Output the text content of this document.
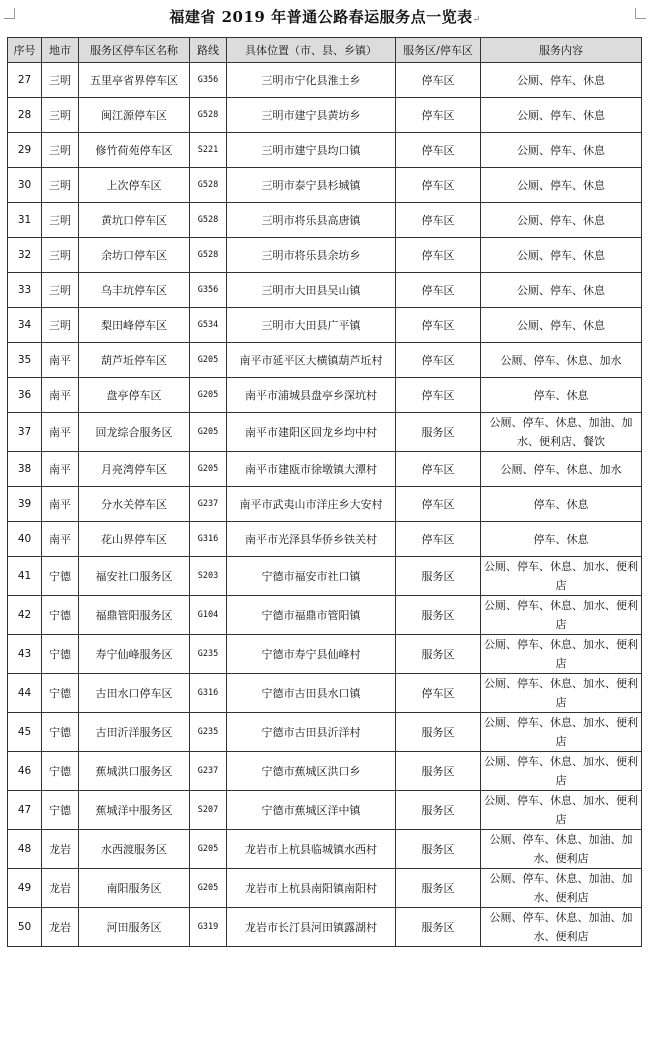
福建省 2019 年普通公路春运服务点一览表↵
序号	地市	服务区停车区名称	路线	具体位置（市、县、乡镇）	服务区/停车区	服务内容
27	三明	五里亭省界停车区	G356	三明市宁化县淮土乡	停车区	公厕、停车、休息
28	三明	闽江源停车区	G528	三明市建宁县黄坊乡	停车区	公厕、停车、休息
29	三明	修竹荷苑停车区	S221	三明市建宁县均口镇	停车区	公厕、停车、休息
30	三明	上次停车区	G528	三明市泰宁县杉城镇	停车区	公厕、停车、休息
31	三明	黄坑口停车区	G528	三明市将乐县高唐镇	停车区	公厕、停车、休息
32	三明	余坊口停车区	G528	三明市将乐县余坊乡	停车区	公厕、停车、休息
33	三明	乌丰坑停车区	G356	三明市大田县吴山镇	停车区	公厕、停车、休息
34	三明	梨田峰停车区	G534	三明市大田县广平镇	停车区	公厕、停车、休息
35	南平	葫芦坵停车区	G205	南平市延平区大横镇葫芦坵村	停车区	公厕、停车、休息、加水
36	南平	盘亭停车区	G205	南平市浦城县盘亭乡深坑村	停车区	停车、休息
37	南平	回龙综合服务区	G205	南平市建阳区回龙乡均中村	服务区	公厕、停车、休息、加油、加水、便利店、餐饮
38	南平	月亮湾停车区	G205	南平市建瓯市徐墩镇大潭村	停车区	公厕、停车、休息、加水
39	南平	分水关停车区	G237	南平市武夷山市洋庄乡大安村	停车区	停车、休息
40	南平	花山界停车区	G316	南平市光泽县华侨乡铁关村	停车区	停车、休息
41	宁德	福安社口服务区	S203	宁德市福安市社口镇	服务区	公厕、停车、休息、加水、便利店
42	宁德	福鼎管阳服务区	G104	宁德市福鼎市管阳镇	服务区	公厕、停车、休息、加水、便利店
43	宁德	寿宁仙峰服务区	G235	宁德市寿宁县仙峰村	服务区	公厕、停车、休息、加水、便利店
44	宁德	古田水口停车区	G316	宁德市古田县水口镇	停车区	公厕、停车、休息、加水、便利店
45	宁德	古田沂洋服务区	G235	宁德市古田县沂洋村	服务区	公厕、停车、休息、加水、便利店
46	宁德	蕉城洪口服务区	G237	宁德市蕉城区洪口乡	服务区	公厕、停车、休息、加水、便利店
47	宁德	蕉城洋中服务区	S207	宁德市蕉城区洋中镇	服务区	公厕、停车、休息、加水、便利店
48	龙岩	水西渡服务区	G205	龙岩市上杭县临城镇水西村	服务区	公厕、停车、休息、加油、加水、便利店
49	龙岩	南阳服务区	G205	龙岩市上杭县南阳镇南阳村	服务区	公厕、停车、休息、加油、加水、便利店
50	龙岩	河田服务区	G319	龙岩市长汀县河田镇露湖村	服务区	公厕、停车、休息、加油、加水、便利店
